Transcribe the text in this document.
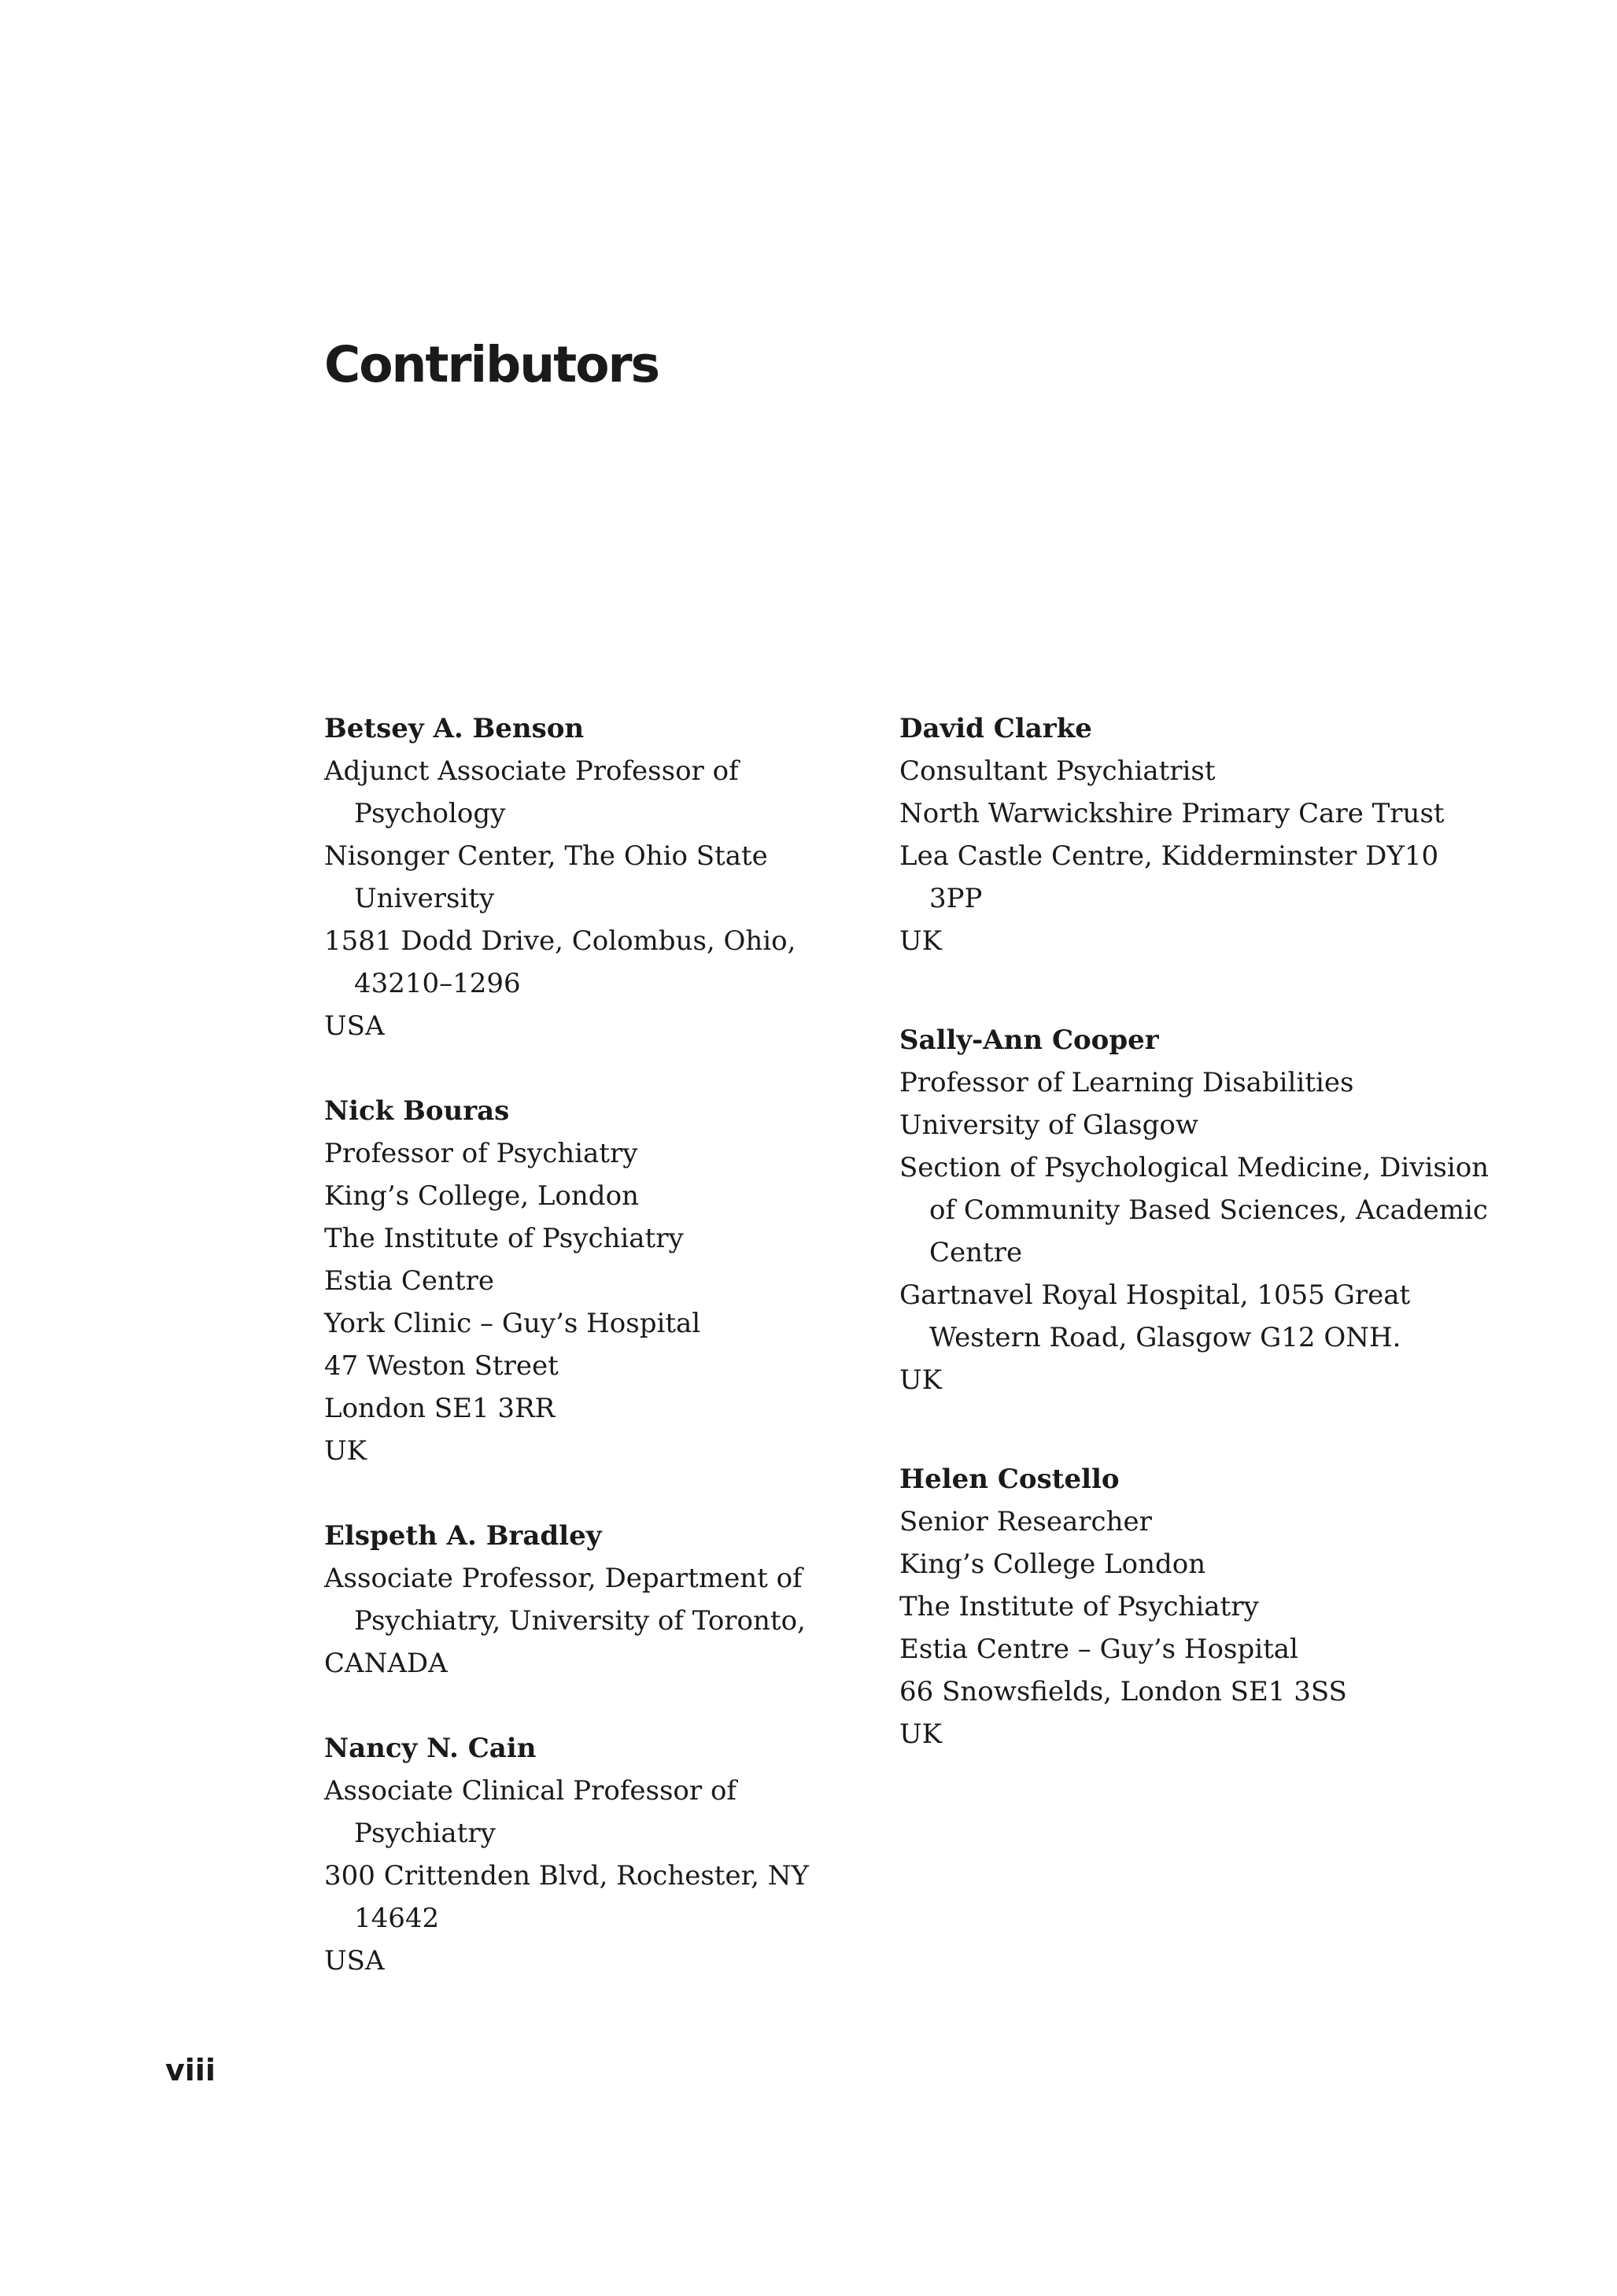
Contributors
Betsey A. Benson
Adjunct Associate Professor of Psychology
Nisonger Center, The Ohio State University
1581 Dodd Drive, Colombus, Ohio, 43210–1296
USA
Nick Bouras
Professor of Psychiatry
King’s College, London
The Institute of Psychiatry
Estia Centre
York Clinic – Guy’s Hospital
47 Weston Street
London SE1 3RR
UK
Elspeth A. Bradley
Associate Professor, Department of Psychiatry, University of Toronto,
CANADA
Nancy N. Cain
Associate Clinical Professor of Psychiatry
300 Crittenden Blvd, Rochester, NY 14642
USA
David Clarke
Consultant Psychiatrist
North Warwickshire Primary Care Trust
Lea Castle Centre, Kidderminster DY10 3PP
UK
Sally-Ann Cooper
Professor of Learning Disabilities
University of Glasgow
Section of Psychological Medicine, Division of Community Based Sciences, Academic Centre
Gartnavel Royal Hospital, 1055 Great Western Road, Glasgow G12 ONH.
UK
Helen Costello
Senior Researcher
King’s College London
The Institute of Psychiatry
Estia Centre – Guy’s Hospital
66 Snowsfields, London SE1 3SS
UK
viii
